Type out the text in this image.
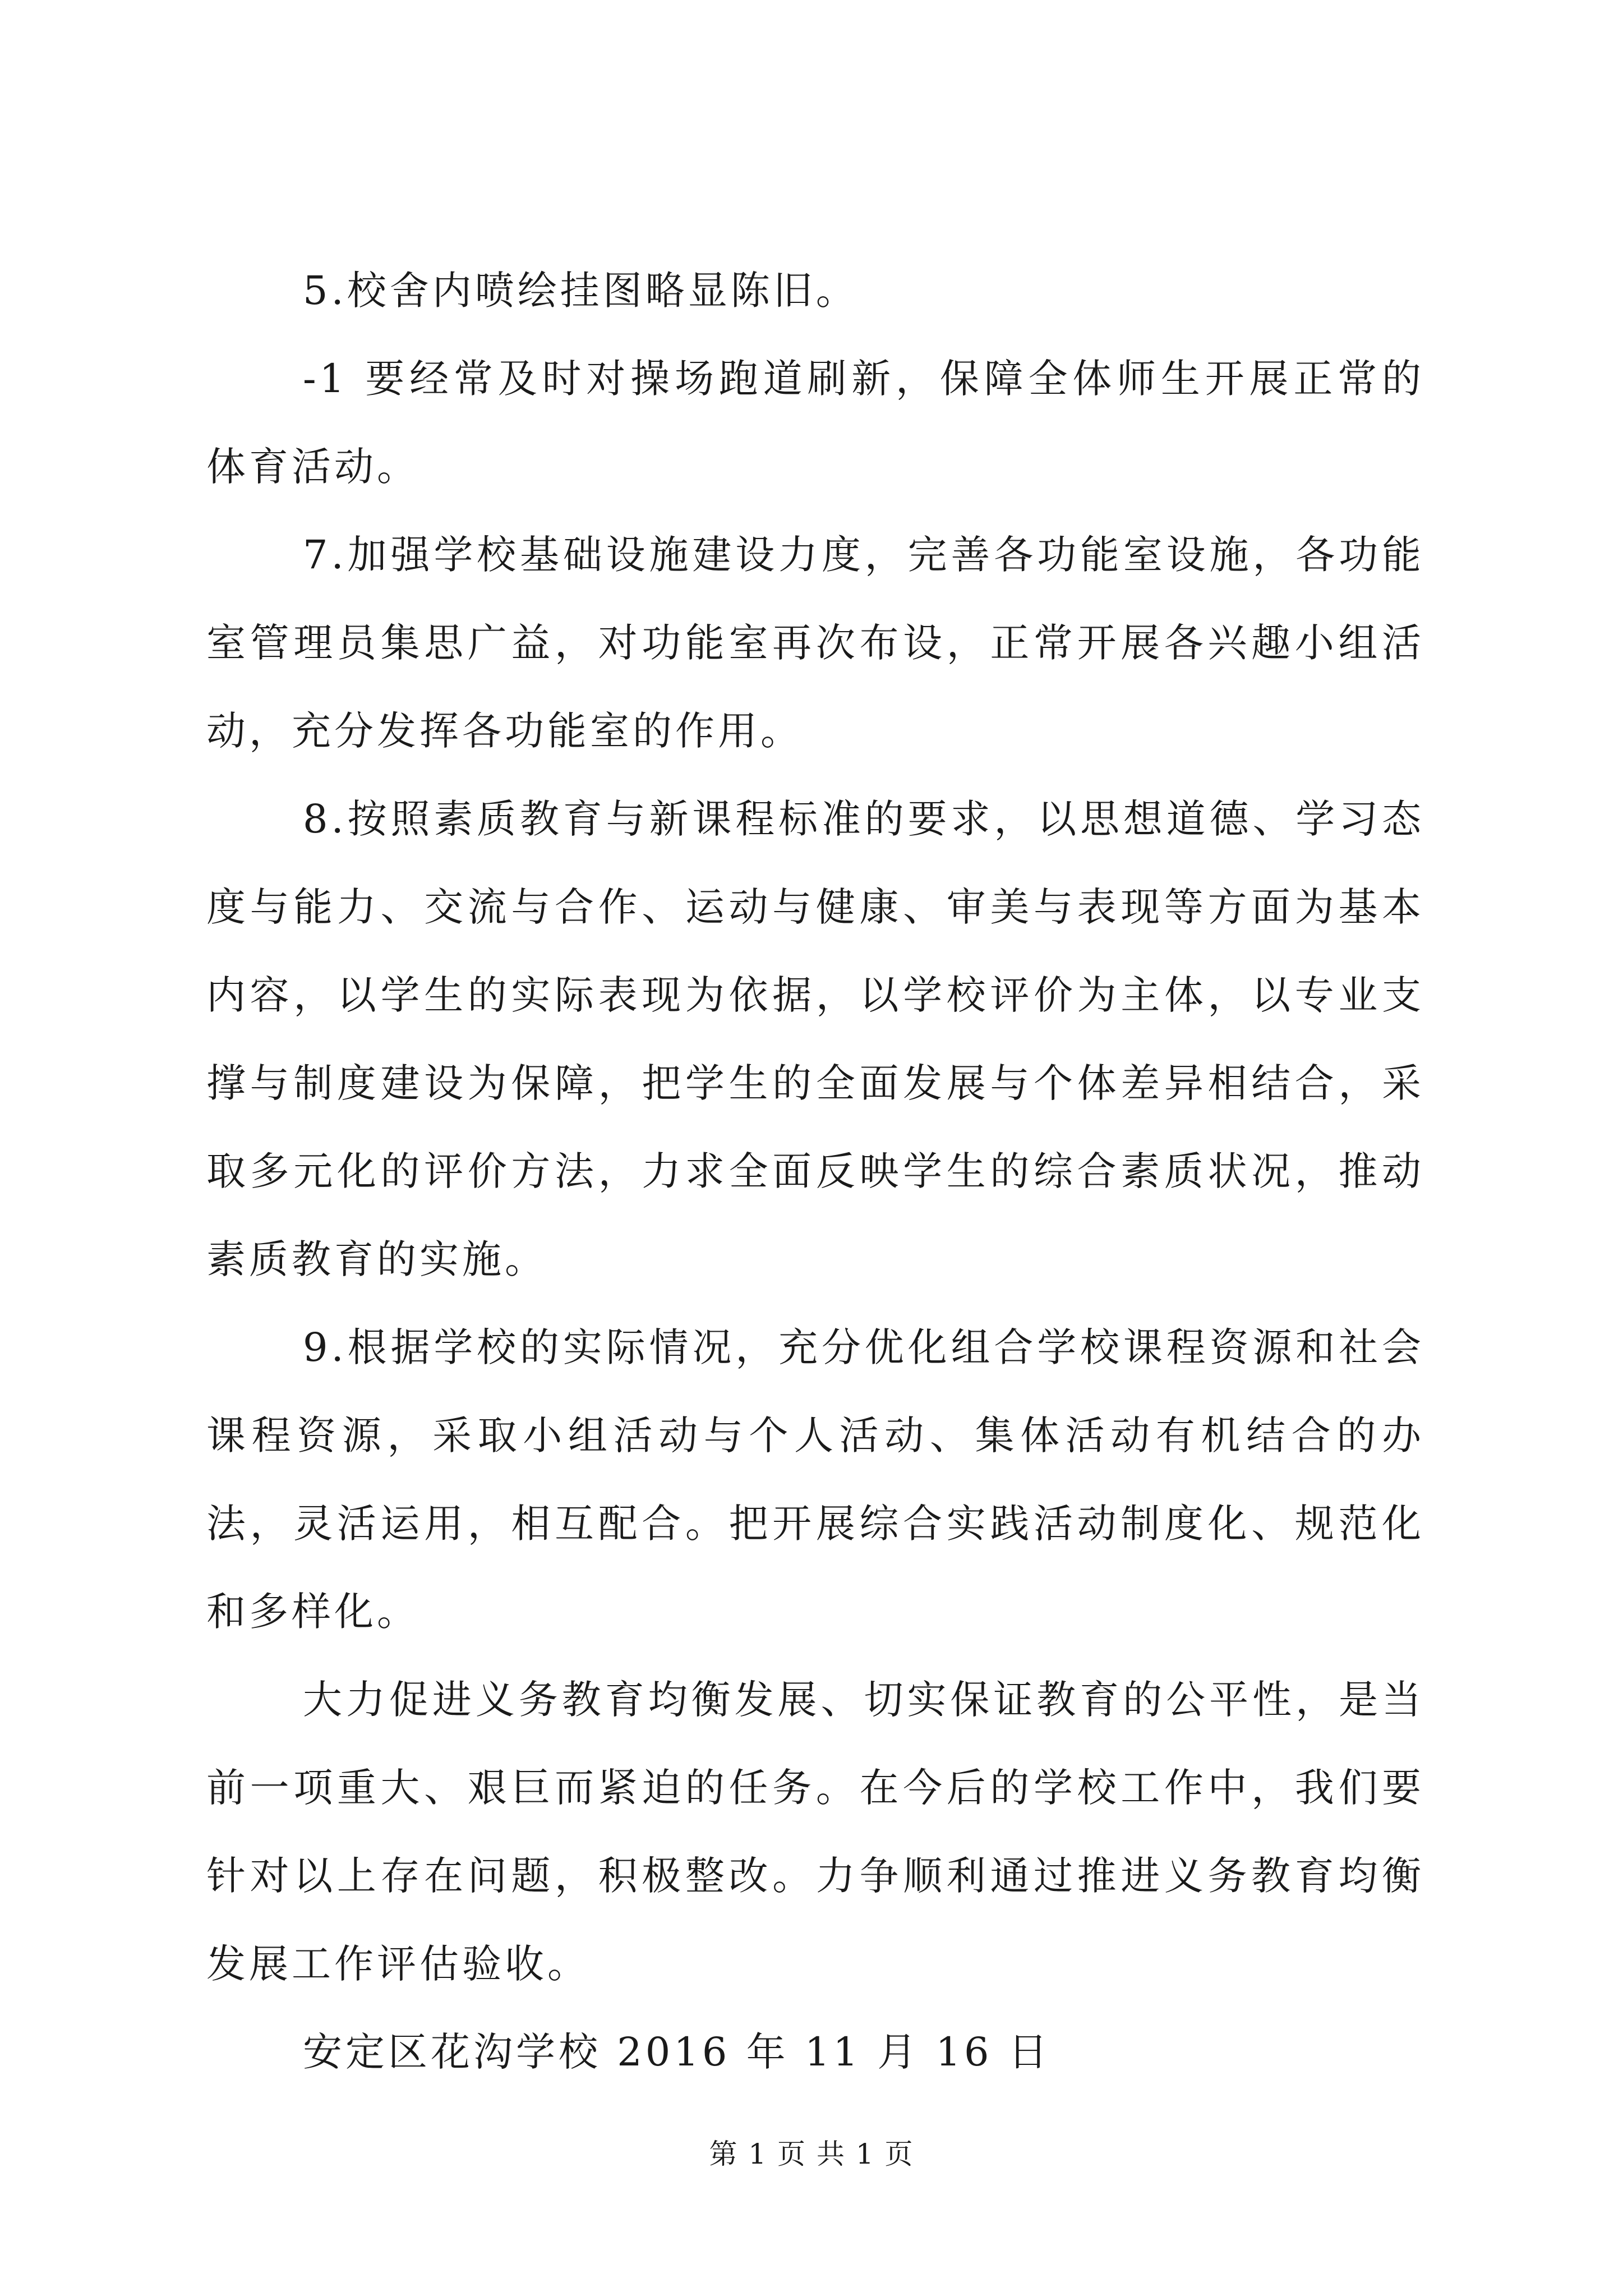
5.校舍内喷绘挂图略显陈旧。

-1 要经常及时对操场跑道刷新，保障全体师生开展正常的体育活动。

7.加强学校基础设施建设力度，完善各功能室设施，各功能室管理员集思广益，对功能室再次布设，正常开展各兴趣小组活动，充分发挥各功能室的作用。

8.按照素质教育与新课程标准的要求，以思想道德、学习态度与能力、交流与合作、运动与健康、审美与表现等方面为基本内容，以学生的实际表现为依据，以学校评价为主体，以专业支撑与制度建设为保障，把学生的全面发展与个体差异相结合，采取多元化的评价方法，力求全面反映学生的综合素质状况，推动素质教育的实施。

9.根据学校的实际情况，充分优化组合学校课程资源和社会课程资源，采取小组活动与个人活动、集体活动有机结合的办法，灵活运用，相互配合。把开展综合实践活动制度化、规范化和多样化。

大力促进义务教育均衡发展、切实保证教育的公平性，是当前一项重大、艰巨而紧迫的任务。在今后的学校工作中，我们要针对以上存在问题，积极整改。力争顺利通过推进义务教育均衡发展工作评估验收。

安定区花沟学校 2016 年 11 月 16 日

第 1 页 共 1 页
